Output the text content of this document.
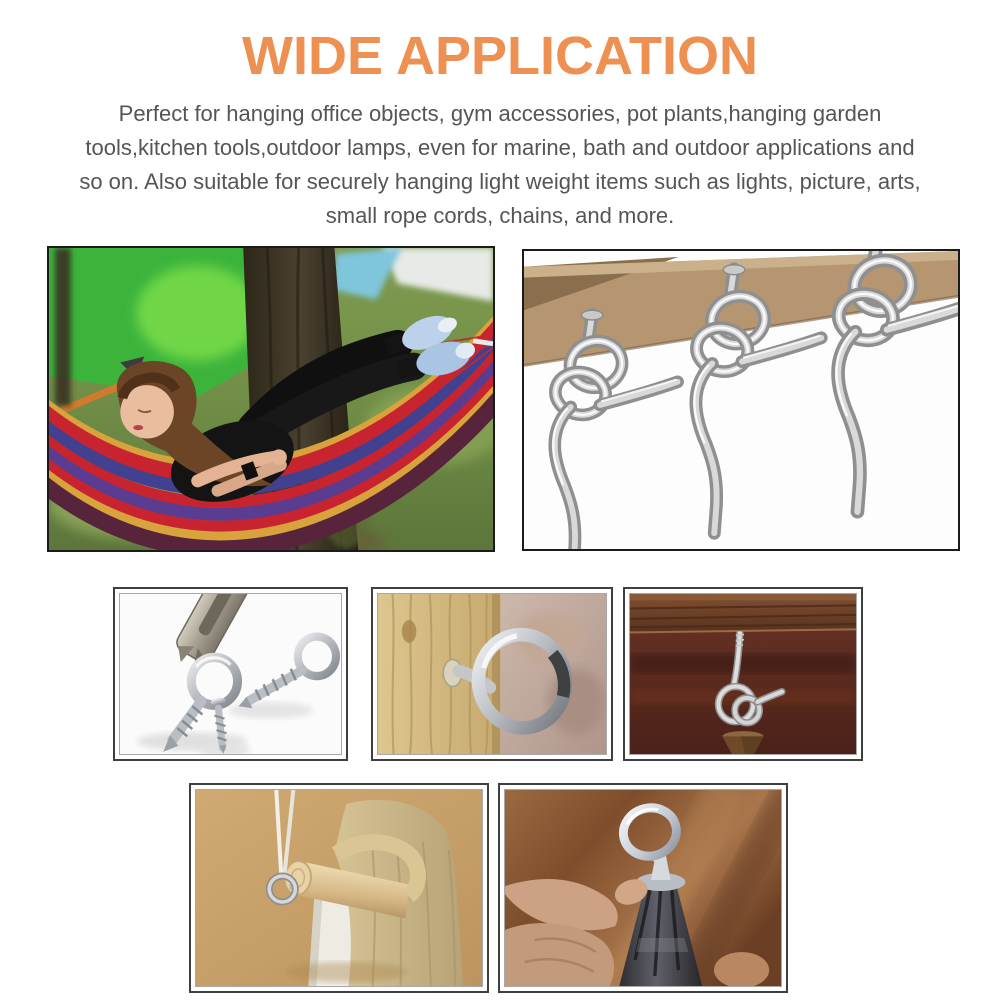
WIDE APPLICATION
Perfect for hanging office objects, gym accessories, pot plants,hanging garden
tools,kitchen tools,outdoor lamps, even for marine, bath and outdoor applications and
so on. Also suitable for securely hanging light weight items such as lights, picture, arts,
small rope cords, chains, and more.
